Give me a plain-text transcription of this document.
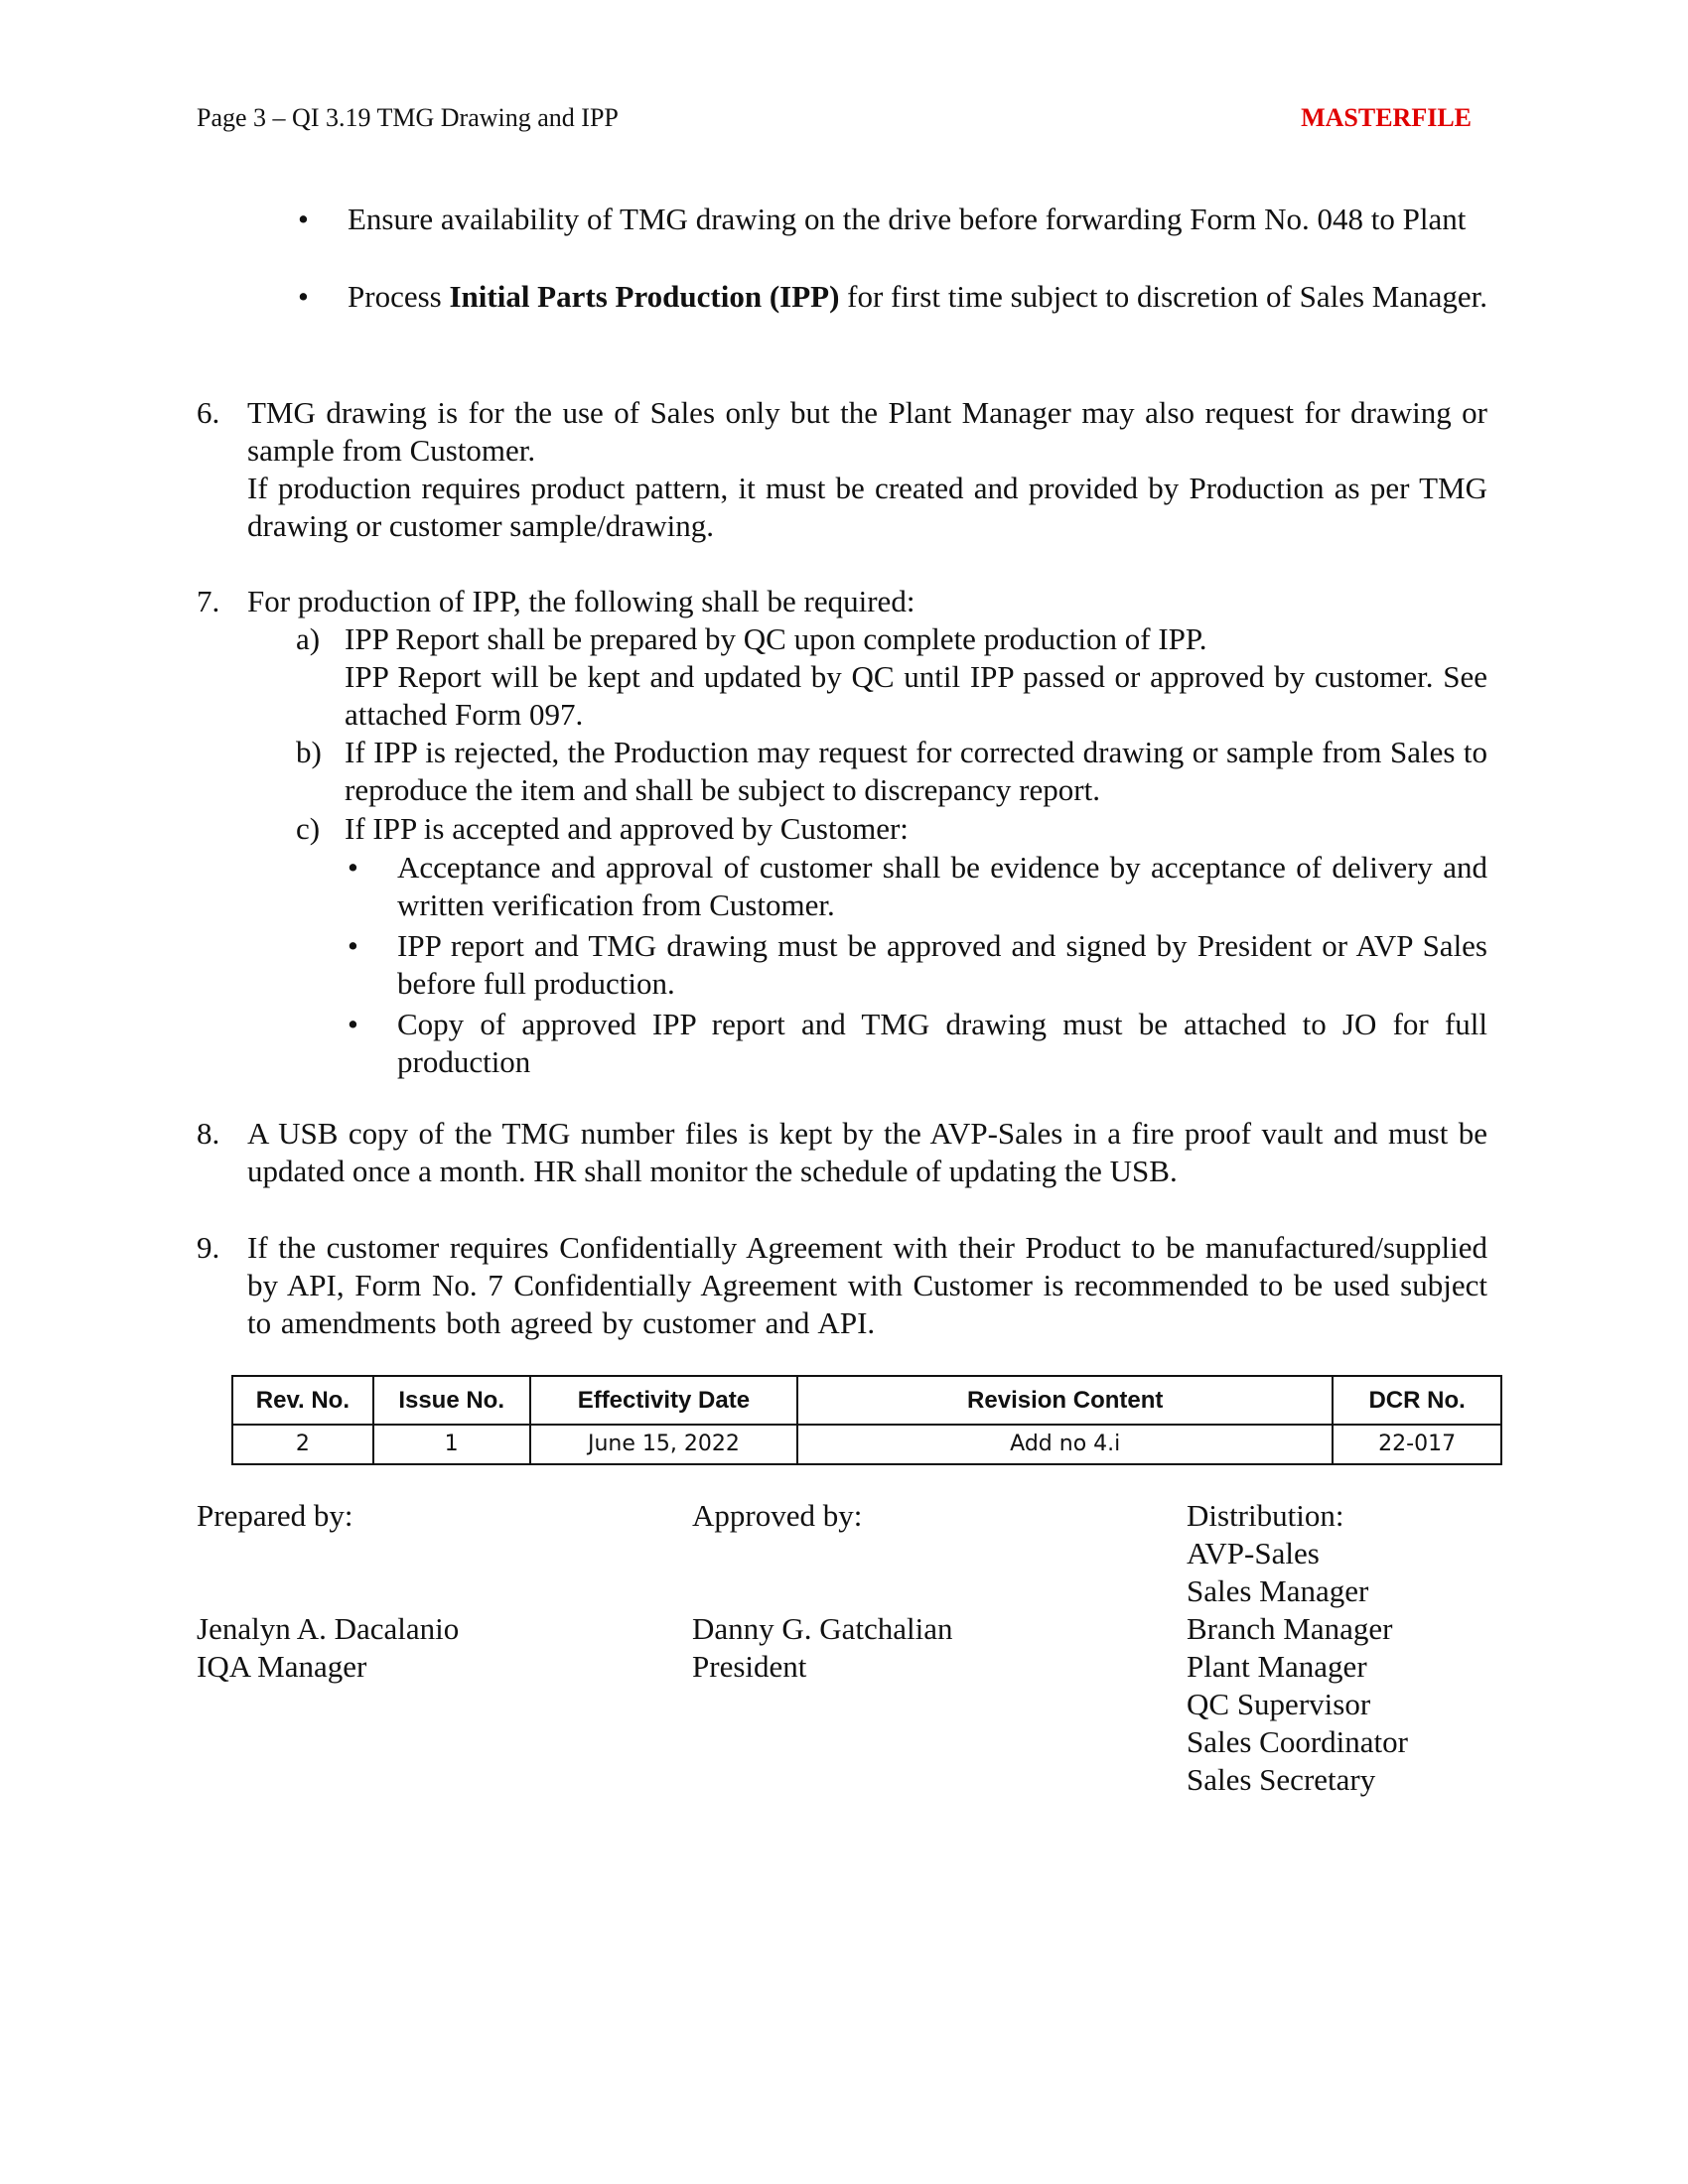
Page 3 – QI 3.19 TMG Drawing and IPP	MASTERFILE
•	Ensure availability of TMG drawing on the drive before forwarding Form No. 048 to Plant
•	Process Initial Parts Production (IPP) for first time subject to discretion of Sales Manager.
6. TMG drawing is for the use of Sales only but the Plant Manager may also request for drawing or sample from Customer.
If production requires product pattern, it must be created and provided by Production as per TMG drawing or customer sample/drawing.
7. For production of IPP, the following shall be required:
a) IPP Report shall be prepared by QC upon complete production of IPP.
IPP Report will be kept and updated by QC until IPP passed or approved by customer. See attached Form 097.
b) If IPP is rejected, the Production may request for corrected drawing or sample from Sales to reproduce the item and shall be subject to discrepancy report.
c) If IPP is accepted and approved by Customer:
•	Acceptance and approval of customer shall be evidence by acceptance of delivery and written verification from Customer.
•	IPP report and TMG drawing must be approved and signed by President or AVP Sales before full production.
•	Copy of approved IPP report and TMG drawing must be attached to JO for full production
8. A USB copy of the TMG number files is kept by the AVP-Sales in a fire proof vault and must be updated once a month. HR shall monitor the schedule of updating the USB.
9. If the customer requires Confidentially Agreement with their Product to be manufactured/supplied by API, Form No. 7 Confidentially Agreement with Customer is recommended to be used subject to amendments both agreed by customer and API.
Rev. No.	Issue No.	Effectivity Date	Revision Content	DCR No.
2	1	June 15, 2022	Add no 4.i	22-017
Prepared by:
Jenalyn A. Dacalanio
IQA Manager
Approved by:
Danny G. Gatchalian
President
Distribution:
AVP-Sales
Sales Manager
Branch Manager
Plant Manager
QC Supervisor
Sales Coordinator
Sales Secretary
